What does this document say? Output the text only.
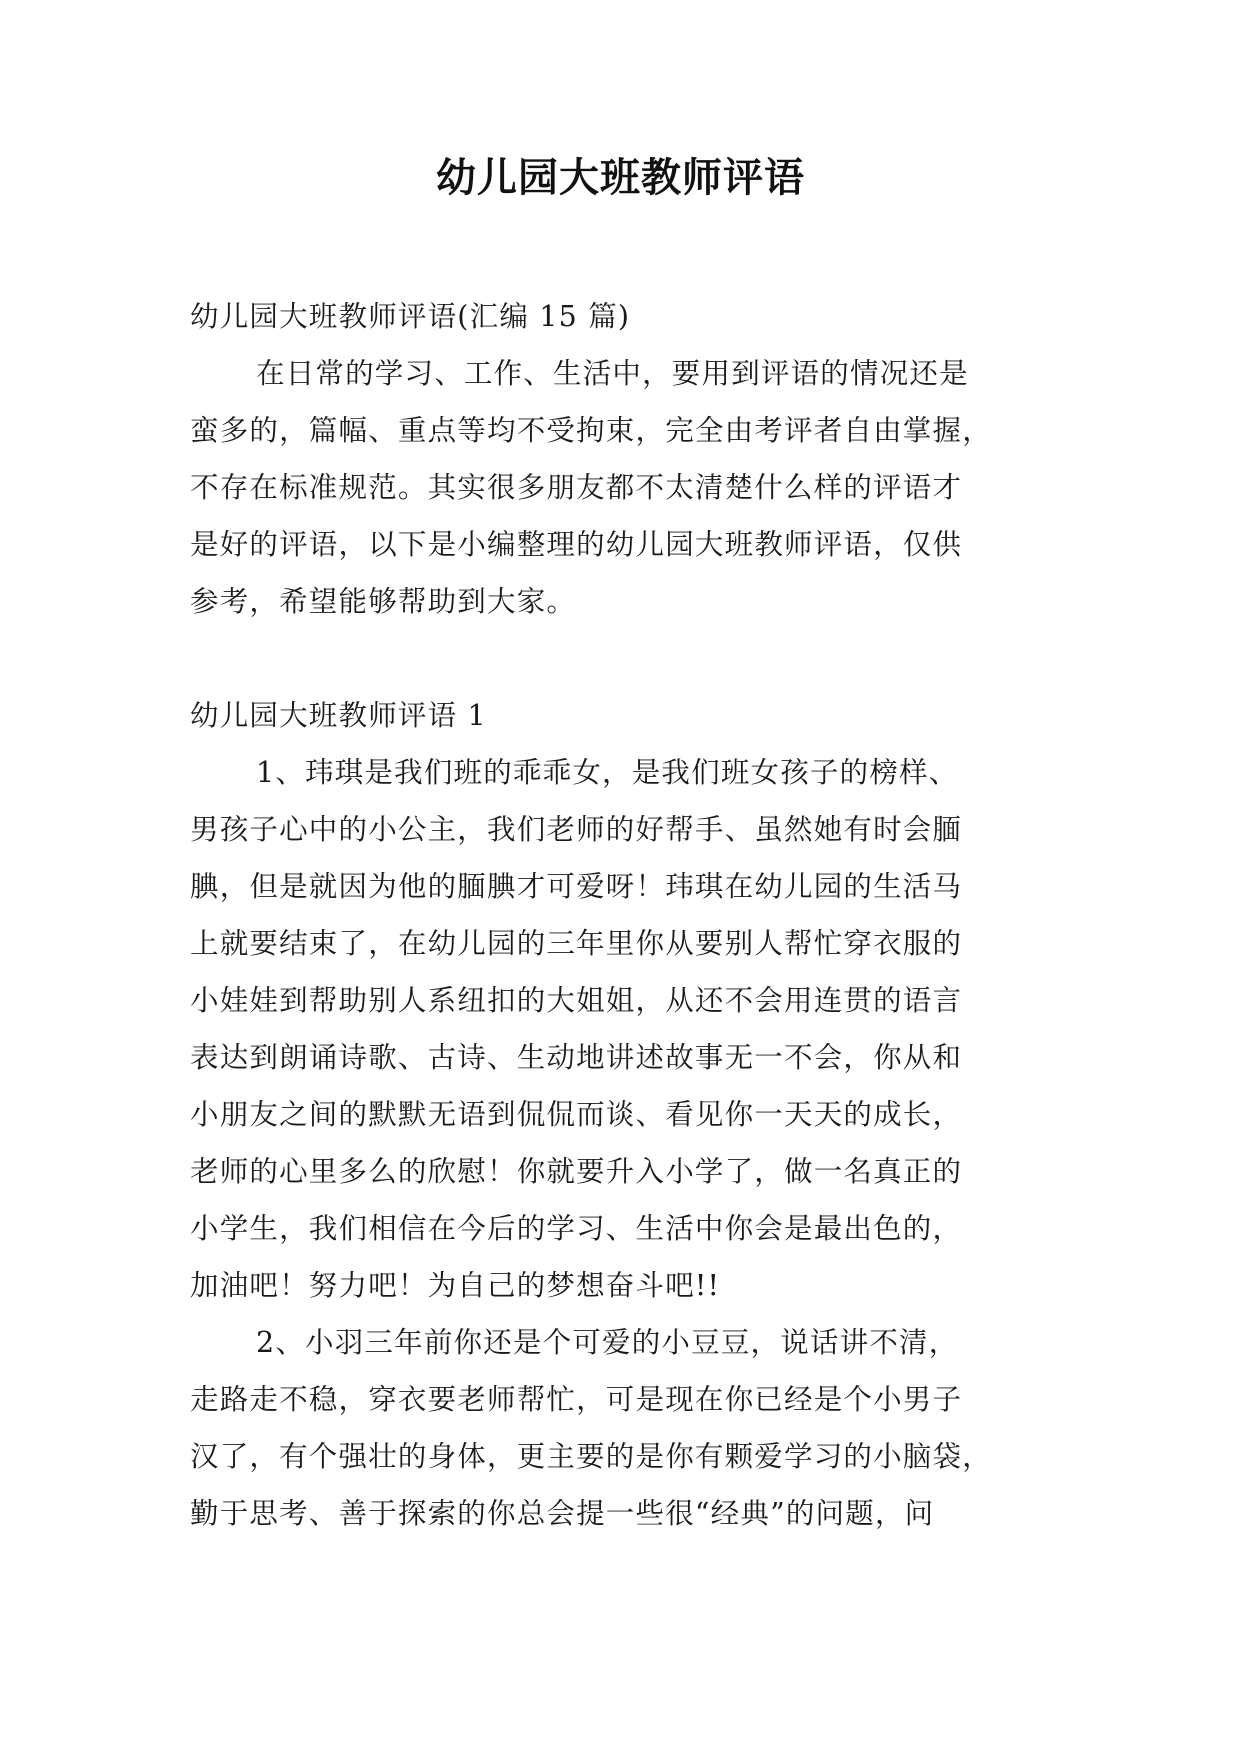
幼儿园大班教师评语
幼儿园大班教师评语(汇编 15 篇)
在日常的学习、工作、生活中，要用到评语的情况还是
蛮多的，篇幅、重点等均不受拘束，完全由考评者自由掌握，
不存在标准规范。其实很多朋友都不太清楚什么样的评语才
是好的评语，以下是小编整理的幼儿园大班教师评语，仅供
参考，希望能够帮助到大家。
幼儿园大班教师评语 1
1、玮琪是我们班的乖乖女，是我们班女孩子的榜样、
男孩子心中的小公主，我们老师的好帮手、虽然她有时会腼
腆，但是就因为他的腼腆才可爱呀！玮琪在幼儿园的生活马
上就要结束了，在幼儿园的三年里你从要别人帮忙穿衣服的
小娃娃到帮助别人系纽扣的大姐姐，从还不会用连贯的语言
表达到朗诵诗歌、古诗、生动地讲述故事无一不会，你从和
小朋友之间的默默无语到侃侃而谈、看见你一天天的成长，
老师的心里多么的欣慰！你就要升入小学了，做一名真正的
小学生，我们相信在今后的学习、生活中你会是最出色的，
加油吧！努力吧！为自己的梦想奋斗吧!!
2、小羽三年前你还是个可爱的小豆豆，说话讲不清，
走路走不稳，穿衣要老师帮忙，可是现在你已经是个小男子
汉了，有个强壮的身体，更主要的是你有颗爱学习的小脑袋，
勤于思考、善于探索的你总会提一些很“经典”的问题，问
